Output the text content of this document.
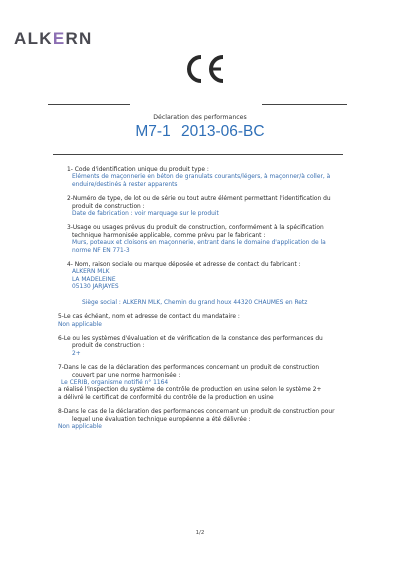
ALKERN
Déclaration des performances
M7-1 2013-06-BC
1- Code d'identification unique du produit type :
Eléments de maçonnerie en béton de granulats courants/légers, à maçonner/à coller, à
enduire/destinés à rester apparents
2-Numéro de type, de lot ou de série ou tout autre élément permettant l'identification du
produit de construction :
Date de fabrication : voir marquage sur le produit
3-Usage ou usages prévus du produit de construction, conformément à la spécification
technique harmonisée applicable, comme prévu par le fabricant :
Murs, poteaux et cloisons en maçonnerie, entrant dans le domaine d'application de la
norme NF EN 771-3
4- Nom, raison sociale ou marque déposée et adresse de contact du fabricant :
ALKERN MLK
LA MADELEINE
05130 JARJAYES
Siège social : ALKERN MLK, Chemin du grand houx 44320 CHAUMES en Retz
5-Le cas échéant, nom et adresse de contact du mandataire :
Non applicable
6-Le ou les systèmes d'évaluation et de vérification de la constance des performances du
produit de construction :
2+
7-Dans le cas de la déclaration des performances concernant un produit de construction
couvert par une norme harmonisée :
Le CERIB, organisme notifié n° 1164
a réalisé l'inspection du système de contrôle de production en usine selon le système 2+
a délivré le certificat de conformité du contrôle de la production en usine
8-Dans le cas de la déclaration des performances concernant un produit de construction pour
lequel une évaluation technique européenne a été délivrée :
Non applicable
1/2
